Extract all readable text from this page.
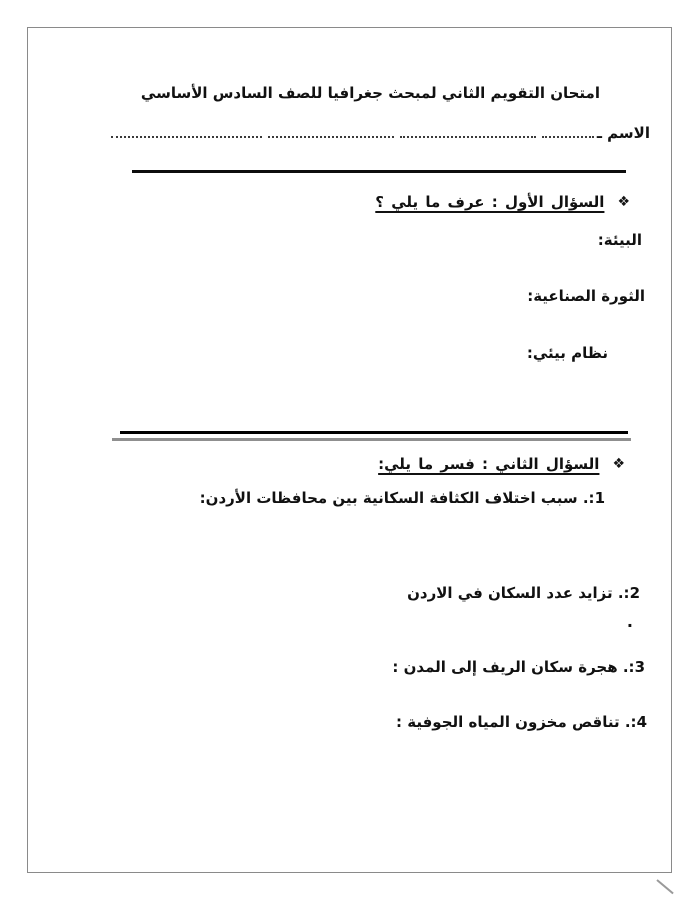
امتحان التقويم الثاني لمبحث جغرافيا للصف السادس الأساسي
الاسم ـ
❖
السؤال الأول : عرف ما يلي ؟
البيئة:
الثورة الصناعية:
نظام بيئي:
❖
السؤال الثاني : فسر ما يلي:
1:. سبب اختلاف الكثافة السكانية بين محافظات الأردن:
2:. تزايد عدد السكان في الاردن
.
3:. هجرة سكان الريف إلى المدن :
4:. تناقص مخزون المياه الجوفية :
